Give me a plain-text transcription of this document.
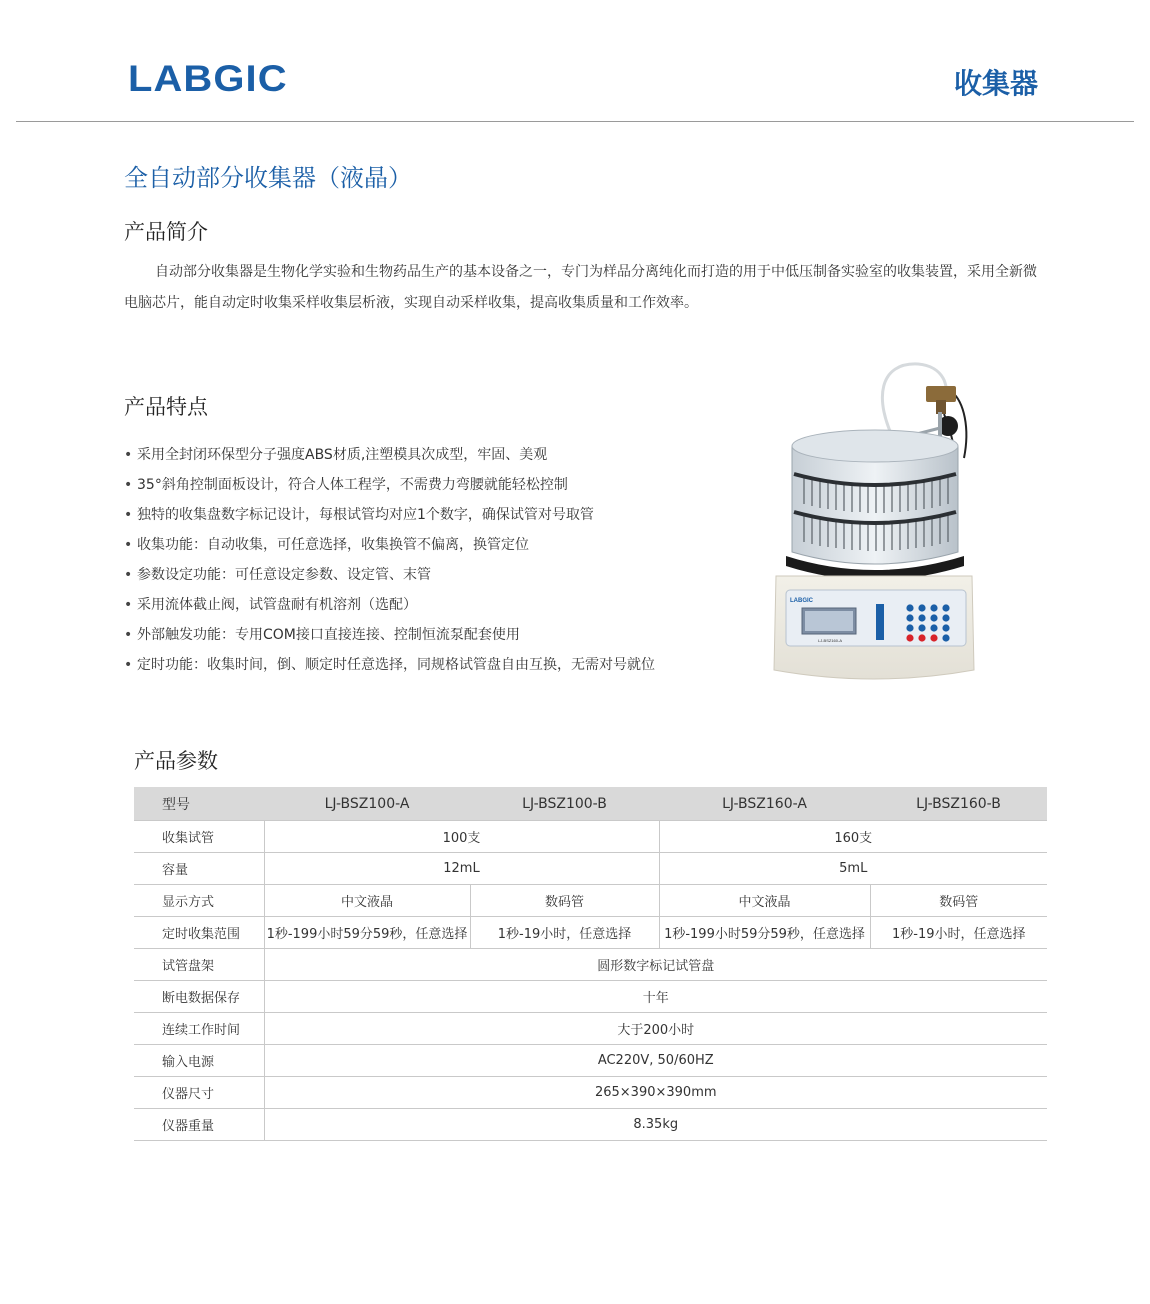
LABGIC	收集器
全自动部分收集器（液晶）
产品简介

自动部分收集器是生物化学实验和生物药品生产的基本设备之一，专门为样品分离纯化而打造的用于中低压制备实验室的收集装置，采用全新微电脑芯片，能自动定时收集采样收集层析液，实现自动采样收集，提高收集质量和工作效率。

产品特点
• 采用全封闭环保型分子强度ABS材质,注塑模具次成型，牢固、美观
• 35°斜角控制面板设计，符合人体工程学，不需费力弯腰就能轻松控制
• 独特的收集盘数字标记设计，每根试管均对应1个数字，确保试管对号取管
• 收集功能：自动收集，可任意选择，收集换管不偏离，换管定位
• 参数设定功能：可任意设定参数、设定管、末管
• 采用流体截止阀，试管盘耐有机溶剂（选配）
• 外部触发功能：专用COM接口直接连接、控制恒流泵配套使用
• 定时功能：收集时间，倒、顺定时任意选择，同规格试管盘自由互换，无需对号就位
LABGIC
LJ-BSZ160-A
产品参数
型号	LJ-BSZ100-A	LJ-BSZ100-B	LJ-BSZ160-A	LJ-BSZ160-B
收集试管	100支		160支	
容量	12mL		5mL	
显示方式	中文液晶	数码管	中文液晶	数码管
定时收集范围	1秒-199小时59分59秒，任意选择	1秒-19小时，任意选择	1秒-199小时59分59秒，任意选择	1秒-19小时，任意选择
试管盘架	圆形数字标记试管盘			
断电数据保存	十年			
连续工作时间	大于200小时			
输入电源	AC220V, 50/60HZ			
仪器尺寸	265×390×390mm			
仪器重量	8.35kg			
